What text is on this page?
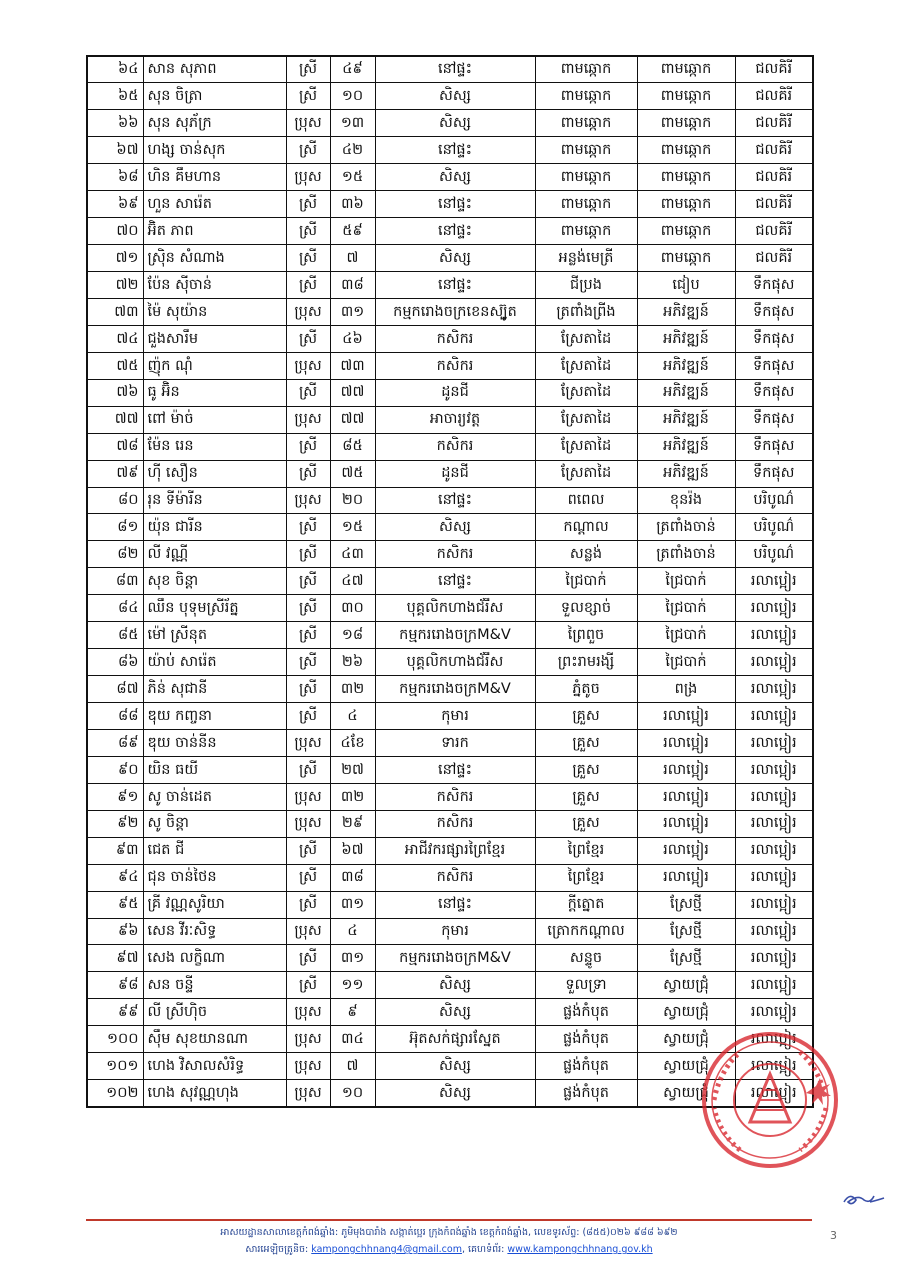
៦៤	សាន សុភាព	ស្រី	៤៩	នៅផ្ទះ	ពាមឆ្កោក	ពាមឆ្កោក	ជលគិរី
៦៥	សុន ចិត្រា	ស្រី	១០	សិស្ស	ពាមឆ្កោក	ពាមឆ្កោក	ជលគិរី
៦៦	សុន សុភ័ក្រ	ប្រុស	១៣	សិស្ស	ពាមឆ្កោក	ពាមឆ្កោក	ជលគិរី
៦៧	ហង្ស ចាន់សុក	ស្រី	៤២	នៅផ្ទះ	ពាមឆ្កោក	ពាមឆ្កោក	ជលគិរី
៦៨	ហិន គឹមហាន	ប្រុស	១៥	សិស្ស	ពាមឆ្កោក	ពាមឆ្កោក	ជលគិរី
៦៩	ហួន សារ៉េត	ស្រី	៣៦	នៅផ្ទះ	ពាមឆ្កោក	ពាមឆ្កោក	ជលគិរី
៧០	អ៊ិត ភាព	ស្រី	៥៩	នៅផ្ទះ	ពាមឆ្កោក	ពាមឆ្កោក	ជលគិរី
៧១	ស្រ៊ិន សំណាង	ស្រី	៧	សិស្ស	អន្លង់មេត្រី	ពាមឆ្កោក	ជលគិរី
៧២	ប៉ែន ស៊ីចាន់	ស្រី	៣៨	នៅផ្ទះ	ជីប្រង	ជៀប	ទឹកផុស
៧៣	ម៉ៃ សុយ៉ាន	ប្រុស	៣១	កម្មករោងចក្រខេនស្ប៊ូត	ត្រពាំងព្រីង	អភិវឌ្ឍន៍	ទឹកផុស
៧៤	ជួងសារឹម	ស្រី	៤៦	កសិករ	ស្រែតាដៃ	អភិវឌ្ឍន៍	ទឹកផុស
៧៥	ញ៉ុក ណុំ	ប្រុស	៧៣	កសិករ	ស្រែតាដៃ	អភិវឌ្ឍន៍	ទឹកផុស
៧៦	ធូ អ៊ិន	ស្រី	៧៧	ដូនជី	ស្រែតាដៃ	អភិវឌ្ឍន៍	ទឹកផុស
៧៧	ពៅ ម៉ាច់	ប្រុស	៧៧	អាចារ្យវត្ត	ស្រែតាដៃ	អភិវឌ្ឍន៍	ទឹកផុស
៧៨	ម៉ែន រេន	ស្រី	៨៥	កសិករ	ស្រែតាដៃ	អភិវឌ្ឍន៍	ទឹកផុស
៧៩	ហ៊ី សឿន	ស្រី	៧៥	ដូនជី	ស្រែតាដៃ	អភិវឌ្ឍន៍	ទឹកផុស
៨០	រុន ទីម៉ារីន	ប្រុស	២០	នៅផ្ទះ	ពពេល	ខុនរ៉ង	បរិបូណ៌
៨១	យ៉ុន ជារីន	ស្រី	១៥	សិស្ស	កណ្តាល	ត្រពាំងចាន់	បរិបូណ៌
៨២	លី វណ្ណី	ស្រី	៤៣	កសិករ	សន្លង់	ត្រពាំងចាន់	បរិបូណ៌
៨៣	សុខ ចិន្តា	ស្រី	៤៧	នៅផ្ទះ	ជ្រៃបាក់	ជ្រៃបាក់	រលាប្អៀរ
៨៤	ឈឹន បុទុមស្រីរ័ត្ន	ស្រី	៣០	បុគ្គលិកហាងជ័រឹស	ទួលខ្សាច់	ជ្រៃបាក់	រលាប្អៀរ
៨៥	ម៉ៅ ស្រីនុត	ស្រី	១៨	កម្មកររោងចក្រM&V	ព្រៃពួច	ជ្រៃបាក់	រលាប្អៀរ
៨៦	យ៉ាប់ សារ៉េត	ស្រី	២៦	បុគ្គលិកហាងជ័រឹស	ព្រះរាមរង្សី	ជ្រៃបាក់	រលាប្អៀរ
៨៧	ភិន់ សុជានី	ស្រី	៣២	កម្មកររោងចក្រM&V	ភ្នំតូច	ពង្រ	រលាប្អៀរ
៨៨	ឌុយ កញ្ចនា	ស្រី	៤	កុមារ	គ្រួស	រលាប្អៀរ	រលាប្អៀរ
៨៩	ឌុយ ចាន់នីន	ប្រុស	៤ខែ	ទារក	គ្រួស	រលាប្អៀរ	រលាប្អៀរ
៩០	យិន ធយី	ស្រី	២៧	នៅផ្ទះ	គ្រួស	រលាប្អៀរ	រលាប្អៀរ
៩១	សូ ចាន់ដេត	ប្រុស	៣២	កសិករ	គ្រួស	រលាប្អៀរ	រលាប្អៀរ
៩២	សូ ចិន្តា	ប្រុស	២៩	កសិករ	គ្រួស	រលាប្អៀរ	រលាប្អៀរ
៩៣	ជេត ជី	ស្រី	៦៧	អាជីវករផ្សារព្រៃខ្មែរ	ព្រៃខ្មែរ	រលាប្អៀរ	រលាប្អៀរ
៩៤	ជុន ចាន់ថៃន	ស្រី	៣៨	កសិករ	ព្រៃខ្មែរ	រលាប្អៀរ	រលាប្អៀរ
៩៥	គ្រី វណ្ណសូរិយា	ស្រី	៣១	នៅផ្ទះ	ក្តីត្នោត	ស្រែថ្មី	រលាប្អៀរ
៩៦	សេន វីរៈសិទ្ធ	ប្រុស	៤	កុមារ	ត្រោកកណ្តាល	ស្រែថ្មី	រលាប្អៀរ
៩៧	សេង លក្ខិណា	ស្រី	៣១	កម្មកររោងចក្រM&V	សន្ទូច	ស្រែថ្មី	រលាប្អៀរ
៩៨	សន ចន្ទី	ស្រី	១១	សិស្ស	ទួលទ្រា	ស្វាយជ្រុំ	រលាប្អៀរ
៩៩	លី ស្រីហ៊ិច	ប្រុស	៩	សិស្ស	ផ្លង់កំបុត	ស្វាយជ្រុំ	រលាប្អៀរ
១០០	ស៊ឹម សុខយានណា	ប្រុស	៣៤	អ៊ុតសក់ផ្សារស្នែត	ផ្លង់កំបុត	ស្វាយជ្រុំ	រលាប្អៀរ
១០១	ហេង វិសាលសំរិទ្ធ	ប្រុស	៧	សិស្ស	ផ្លង់កំបុត	ស្វាយជ្រុំ	រលាប្អៀរ
១០២	ហេង សុវណ្ណហុង	ប្រុស	១០	សិស្ស	ផ្លង់កំបុត	ស្វាយជ្រុំ	រលាប្អៀរ
អាសយដ្ឋានសាលាខេត្តកំពង់ឆ្នាំង: ភូមិមុងបារាំង សង្កាត់ប្អេរ ក្រុងកំពង់ឆ្នាំង ខេត្តកំពង់ឆ្នាំង, លេខទូរស័ព្ទ: (៨៥៥)០២៦ ៩៨៨ ៦៩២
សារអេឡិចត្រូនិច: kampongchhnang4@gmail.com, គេហទំព័រ: www.kampongchhnang.gov.kh
3
